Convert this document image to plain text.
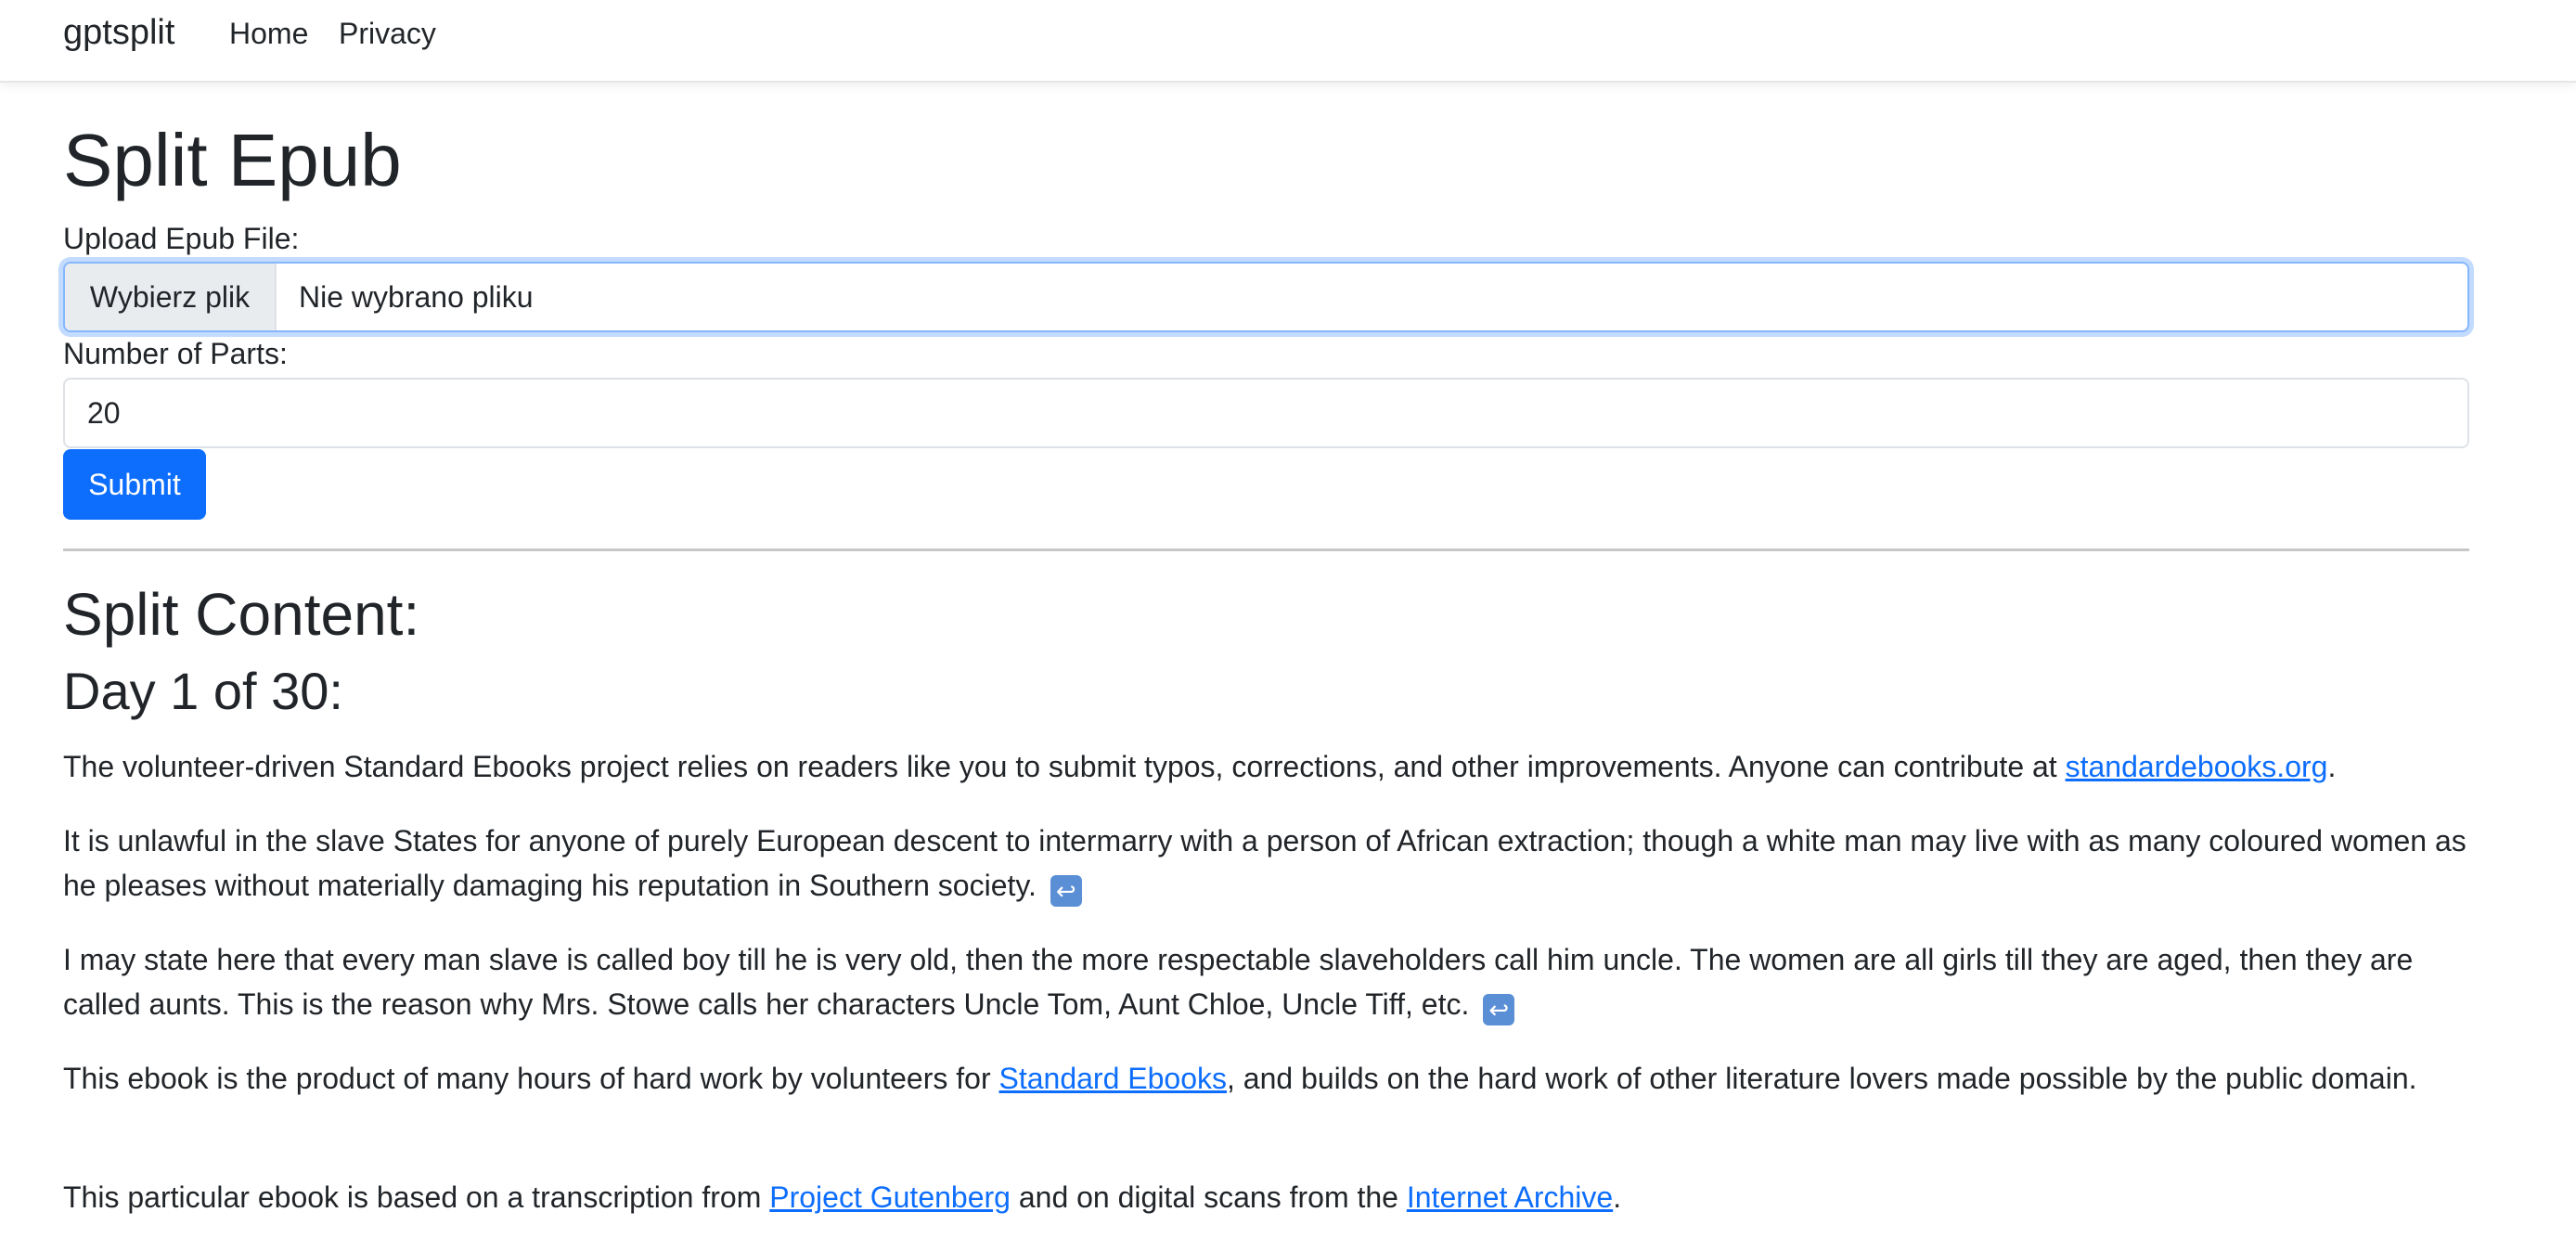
gptsplit Home Privacy
Split Epub
Upload Epub File:
Wybierz plik	Nie wybrano pliku
Number of Parts:
20
Submit
Split Content:
Day 1 of 30:

The volunteer-driven Standard Ebooks project relies on readers like you to submit typos, corrections, and other improvements. Anyone can contribute at standardebooks.org.

It is unlawful in the slave States for anyone of purely European descent to intermarry with a person of African extraction; though a white man may live with as many coloured women as he pleases without materially damaging his reputation in Southern society. ↩

I may state here that every man slave is called boy till he is very old, then the more respectable slaveholders call him uncle. The women are all girls till they are aged, then they are called aunts. This is the reason why Mrs. Stowe calls her characters Uncle Tom, Aunt Chloe, Uncle Tiff, etc. ↩

This ebook is the product of many hours of hard work by volunteers for Standard Ebooks, and builds on the hard work of other literature lovers made possible by the public domain.

This particular ebook is based on a transcription from Project Gutenberg and on digital scans from the Internet Archive.
